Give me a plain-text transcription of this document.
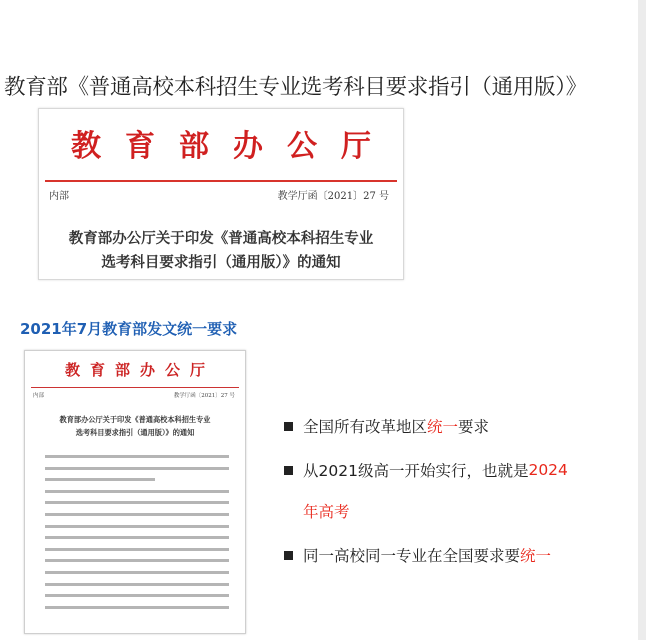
教育部《普通高校本科招生专业选考科目要求指引（通用版）》
教育部办公厅
内部	教学厅函〔2021〕27 号
教育部办公厅关于印发《普通高校本科招生专业
选考科目要求指引（通用版）》的通知
2021年7月教育部发文统一要求
教育部办公厅
内部	教学厅函〔2021〕27 号
教育部办公厅关于印发《普通高校本科招生专业
选考科目要求指引（通用版）》的通知	全国所有改革地区 统一 要求
从2021级高一开始实行，也就是 2024
年高考
同一高校同一专业在全国要求要 统一
